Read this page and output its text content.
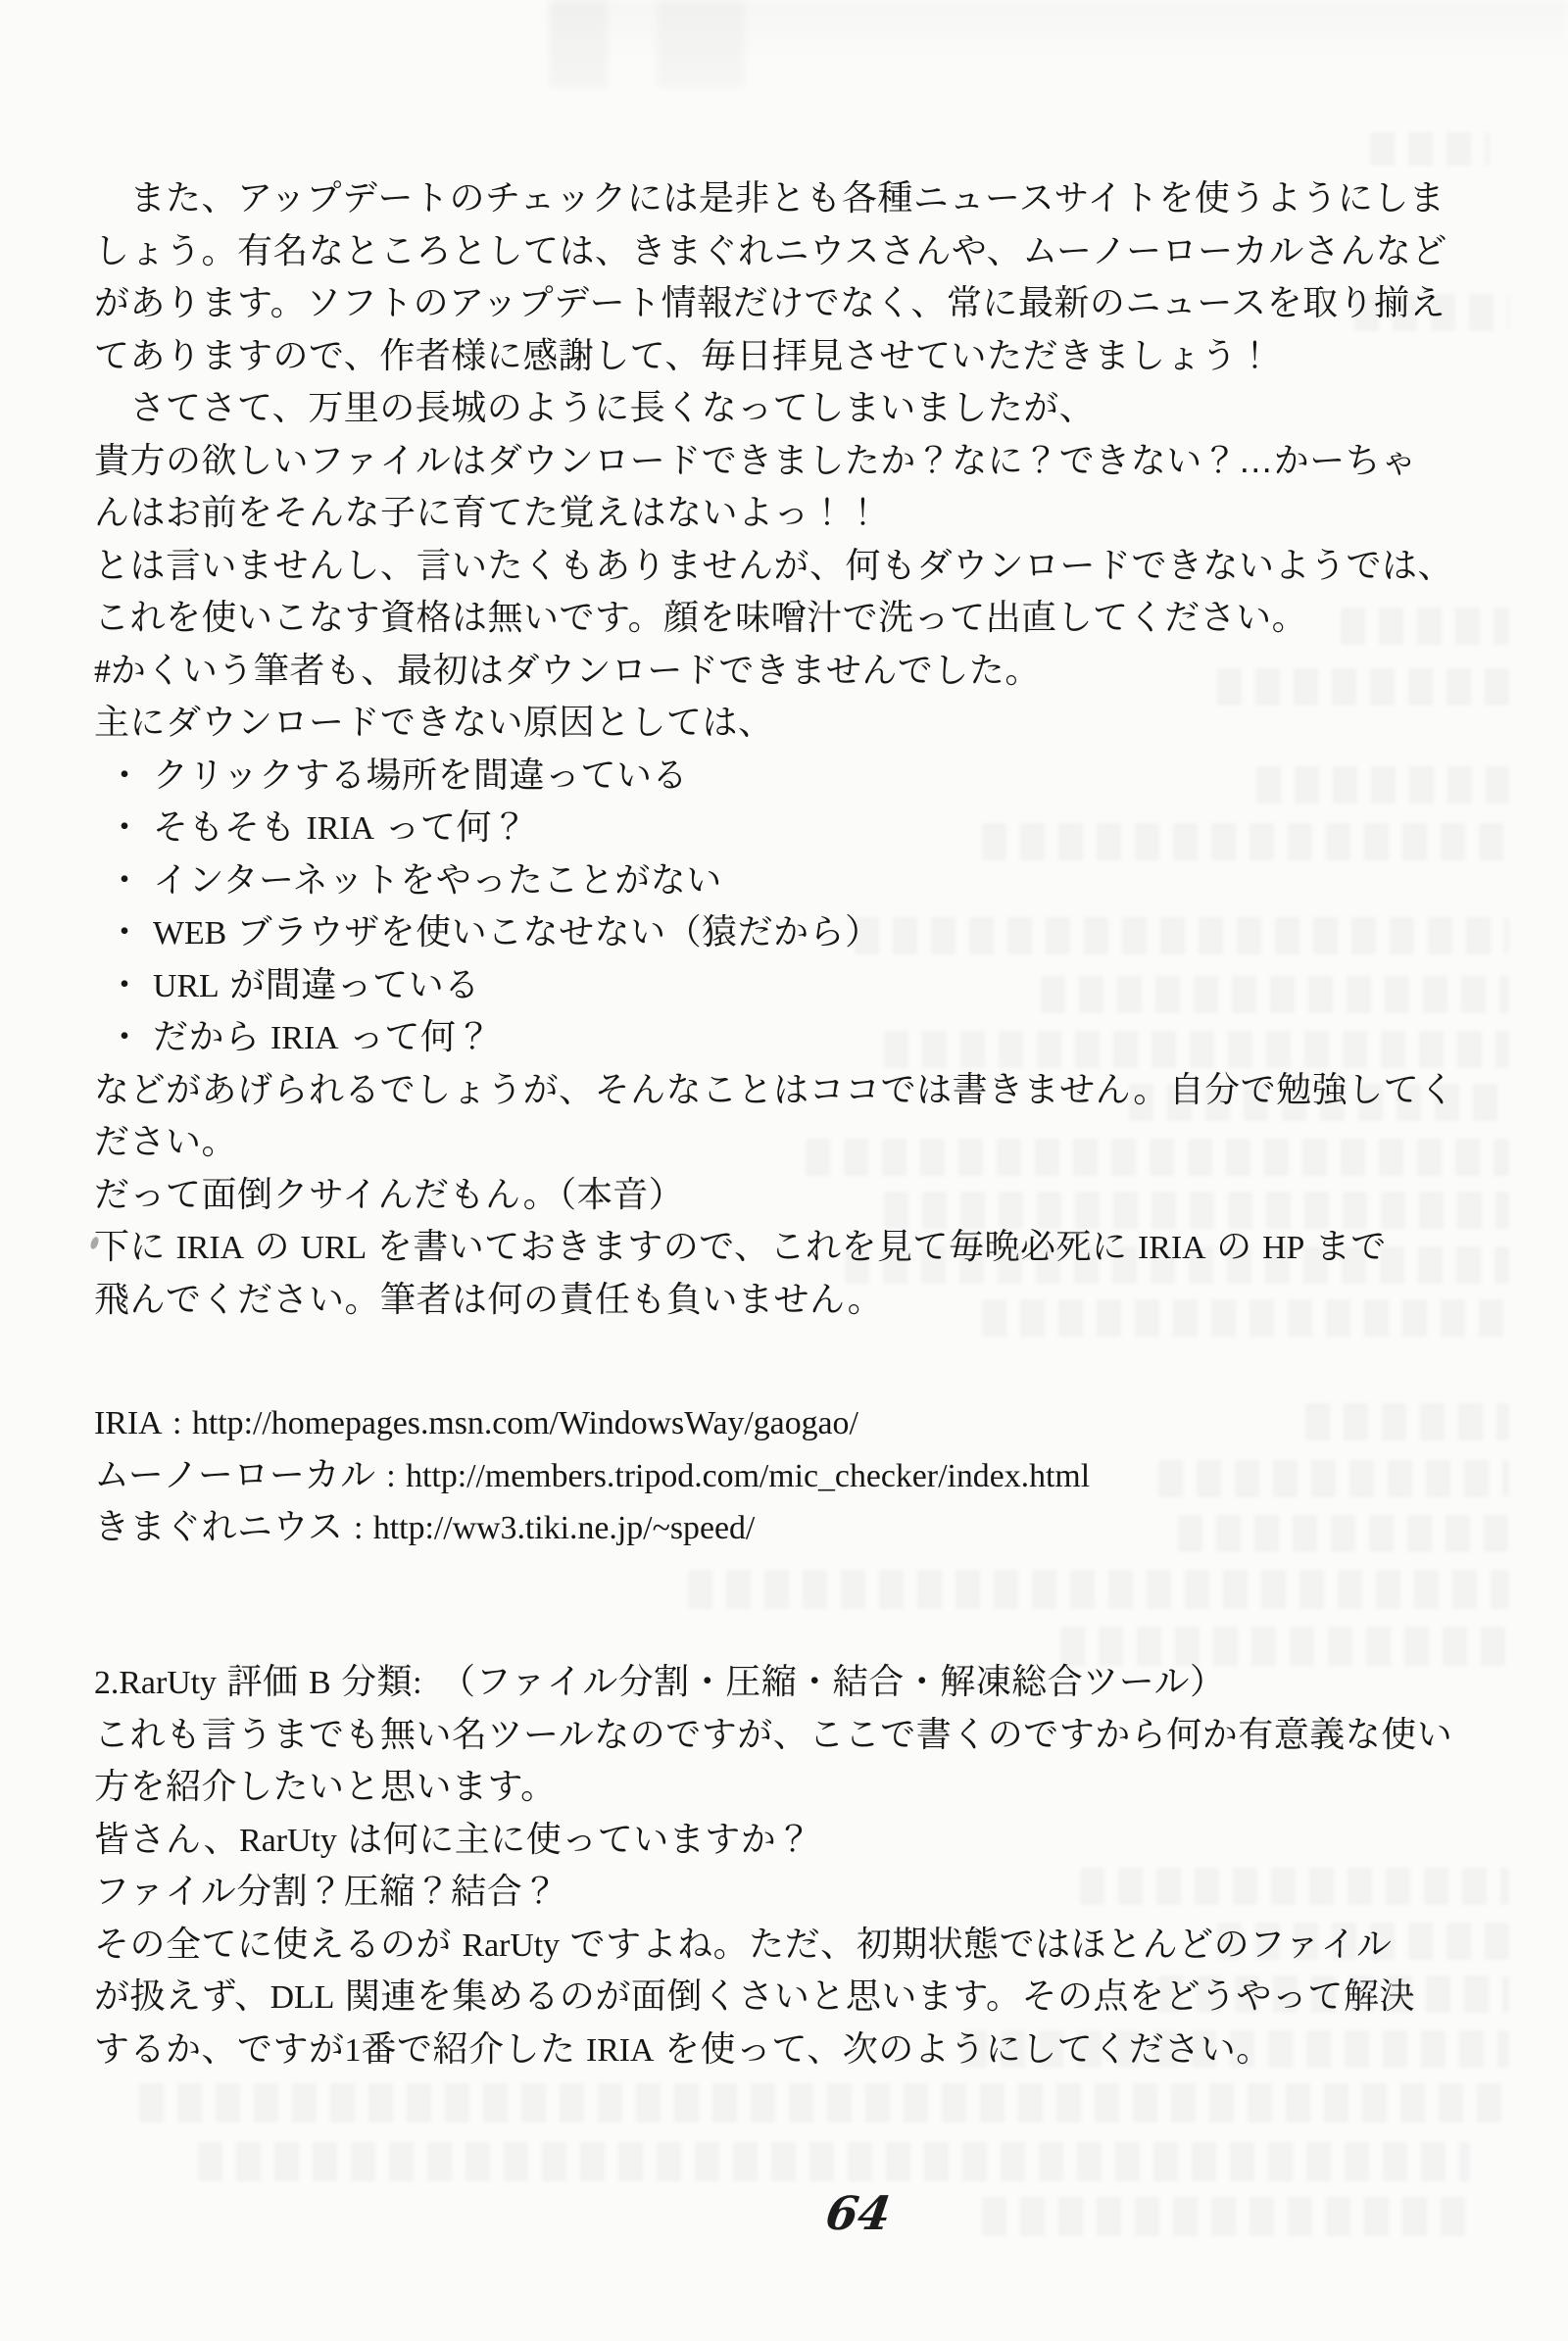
　また、アップデートのチェックには是非とも各種ニュースサイトを使うようにしま
しょう。有名なところとしては、きまぐれニウスさんや、ムーノーローカルさんなど
があります。ソフトのアップデート情報だけでなく、常に最新のニュースを取り揃え
てありますので、作者様に感謝して、毎日拝見させていただきましょう！
　さてさて、万里の長城のように長くなってしまいましたが、
貴方の欲しいファイルはダウンロードできましたか？なに？できない？…かーちゃ
んはお前をそんな子に育てた覚えはないよっ！！
とは言いませんし、言いたくもありませんが、何もダウンロードできないようでは、
これを使いこなす資格は無いです。顔を味噌汁で洗って出直してください。
#かくいう筆者も、最初はダウンロードできませんでした。
主にダウンロードできない原因としては、
・ クリックする場所を間違っている
・ そもそも IRIA って何？
・ インターネットをやったことがない
・ WEB ブラウザを使いこなせない（猿だから）
・ URL が間違っている
・ だから IRIA って何？
などがあげられるでしょうが、そんなことはココでは書きません。自分で勉強してく
ださい。
だって面倒クサイんだもん。（本音）
下に IRIA の URL を書いておきますので、これを見て毎晩必死に IRIA の HP まで
飛んでください。筆者は何の責任も負いません。
IRIA : http://homepages.msn.com/WindowsWay/gaogao/
ムーノーローカル : http://members.tripod.com/mic_checker/index.html
きまぐれニウス : http://ww3.tiki.ne.jp/~speed/
2.RarUty 評価 B 分類:　（ファイル分割・圧縮・結合・解凍総合ツール）
これも言うまでも無い名ツールなのですが、ここで書くのですから何か有意義な使い
方を紹介したいと思います。
皆さん、RarUty は何に主に使っていますか？
ファイル分割？圧縮？結合？
その全てに使えるのが RarUty ですよね。ただ、初期状態ではほとんどのファイル
が扱えず、DLL 関連を集めるのが面倒くさいと思います。その点をどうやって解決
するか、ですが1番で紹介した IRIA を使って、次のようにしてください。
64
